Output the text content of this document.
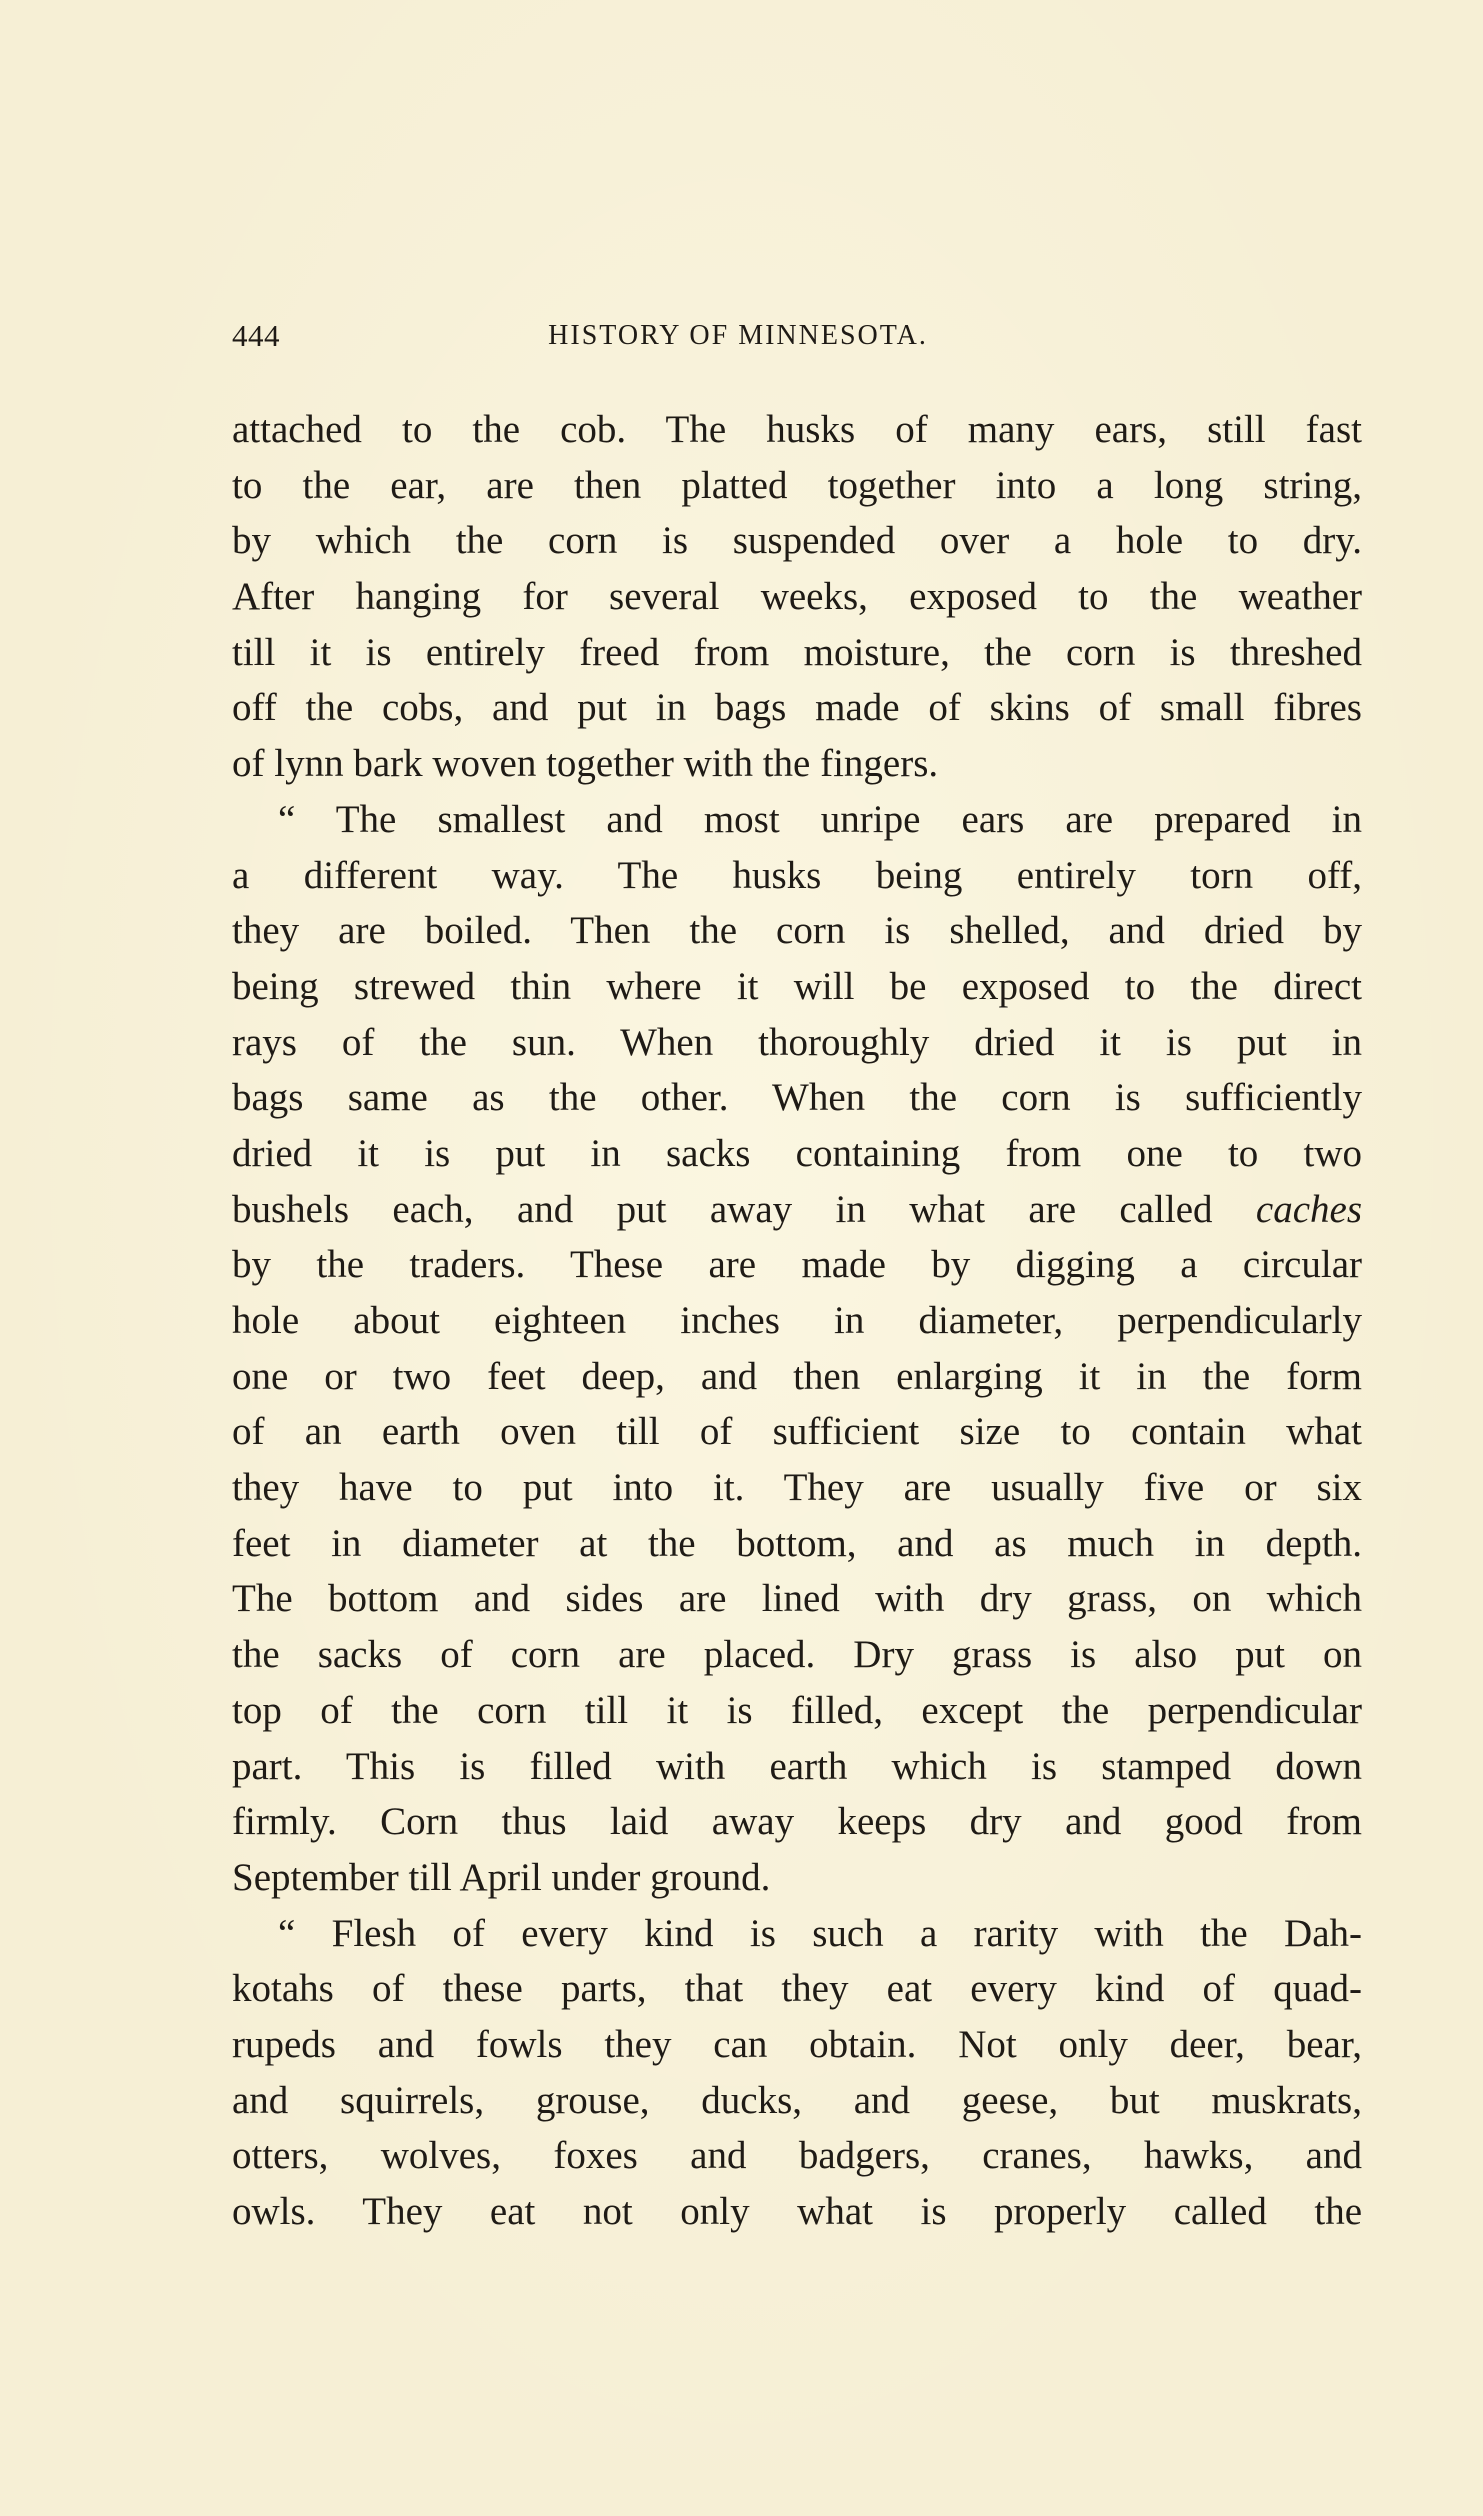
444	HISTORY OF MINNESOTA.
attached to the cob. The husks of many ears, still fast
to the ear, are then platted together into a long string,
by which the corn is suspended over a hole to dry.
After hanging for several weeks, exposed to the weather
till it is entirely freed from moisture, the corn is threshed
off the cobs, and put in bags made of skins of small fibres
of lynn bark woven together with the fingers.
“ The smallest and most unripe ears are prepared in
a different way. The husks being entirely torn off,
they are boiled. Then the corn is shelled, and dried by
being strewed thin where it will be exposed to the direct
rays of the sun. When thoroughly dried it is put in
bags same as the other. When the corn is sufficiently
dried it is put in sacks containing from one to two
bushels each, and put away in what are called caches
by the traders. These are made by digging a circular
hole about eighteen inches in diameter, perpendicularly
one or two feet deep, and then enlarging it in the form
of an earth oven till of sufficient size to contain what
they have to put into it. They are usually five or six
feet in diameter at the bottom, and as much in depth.
The bottom and sides are lined with dry grass, on which
the sacks of corn are placed. Dry grass is also put on
top of the corn till it is filled, except the perpendicular
part. This is filled with earth which is stamped down
firmly. Corn thus laid away keeps dry and good from
September till April under ground.
“ Flesh of every kind is such a rarity with the Dah-
kotahs of these parts, that they eat every kind of quad-
rupeds and fowls they can obtain. Not only deer, bear,
and squirrels, grouse, ducks, and geese, but muskrats,
otters, wolves, foxes and badgers, cranes, hawks, and
owls. They eat not only what is properly called the
